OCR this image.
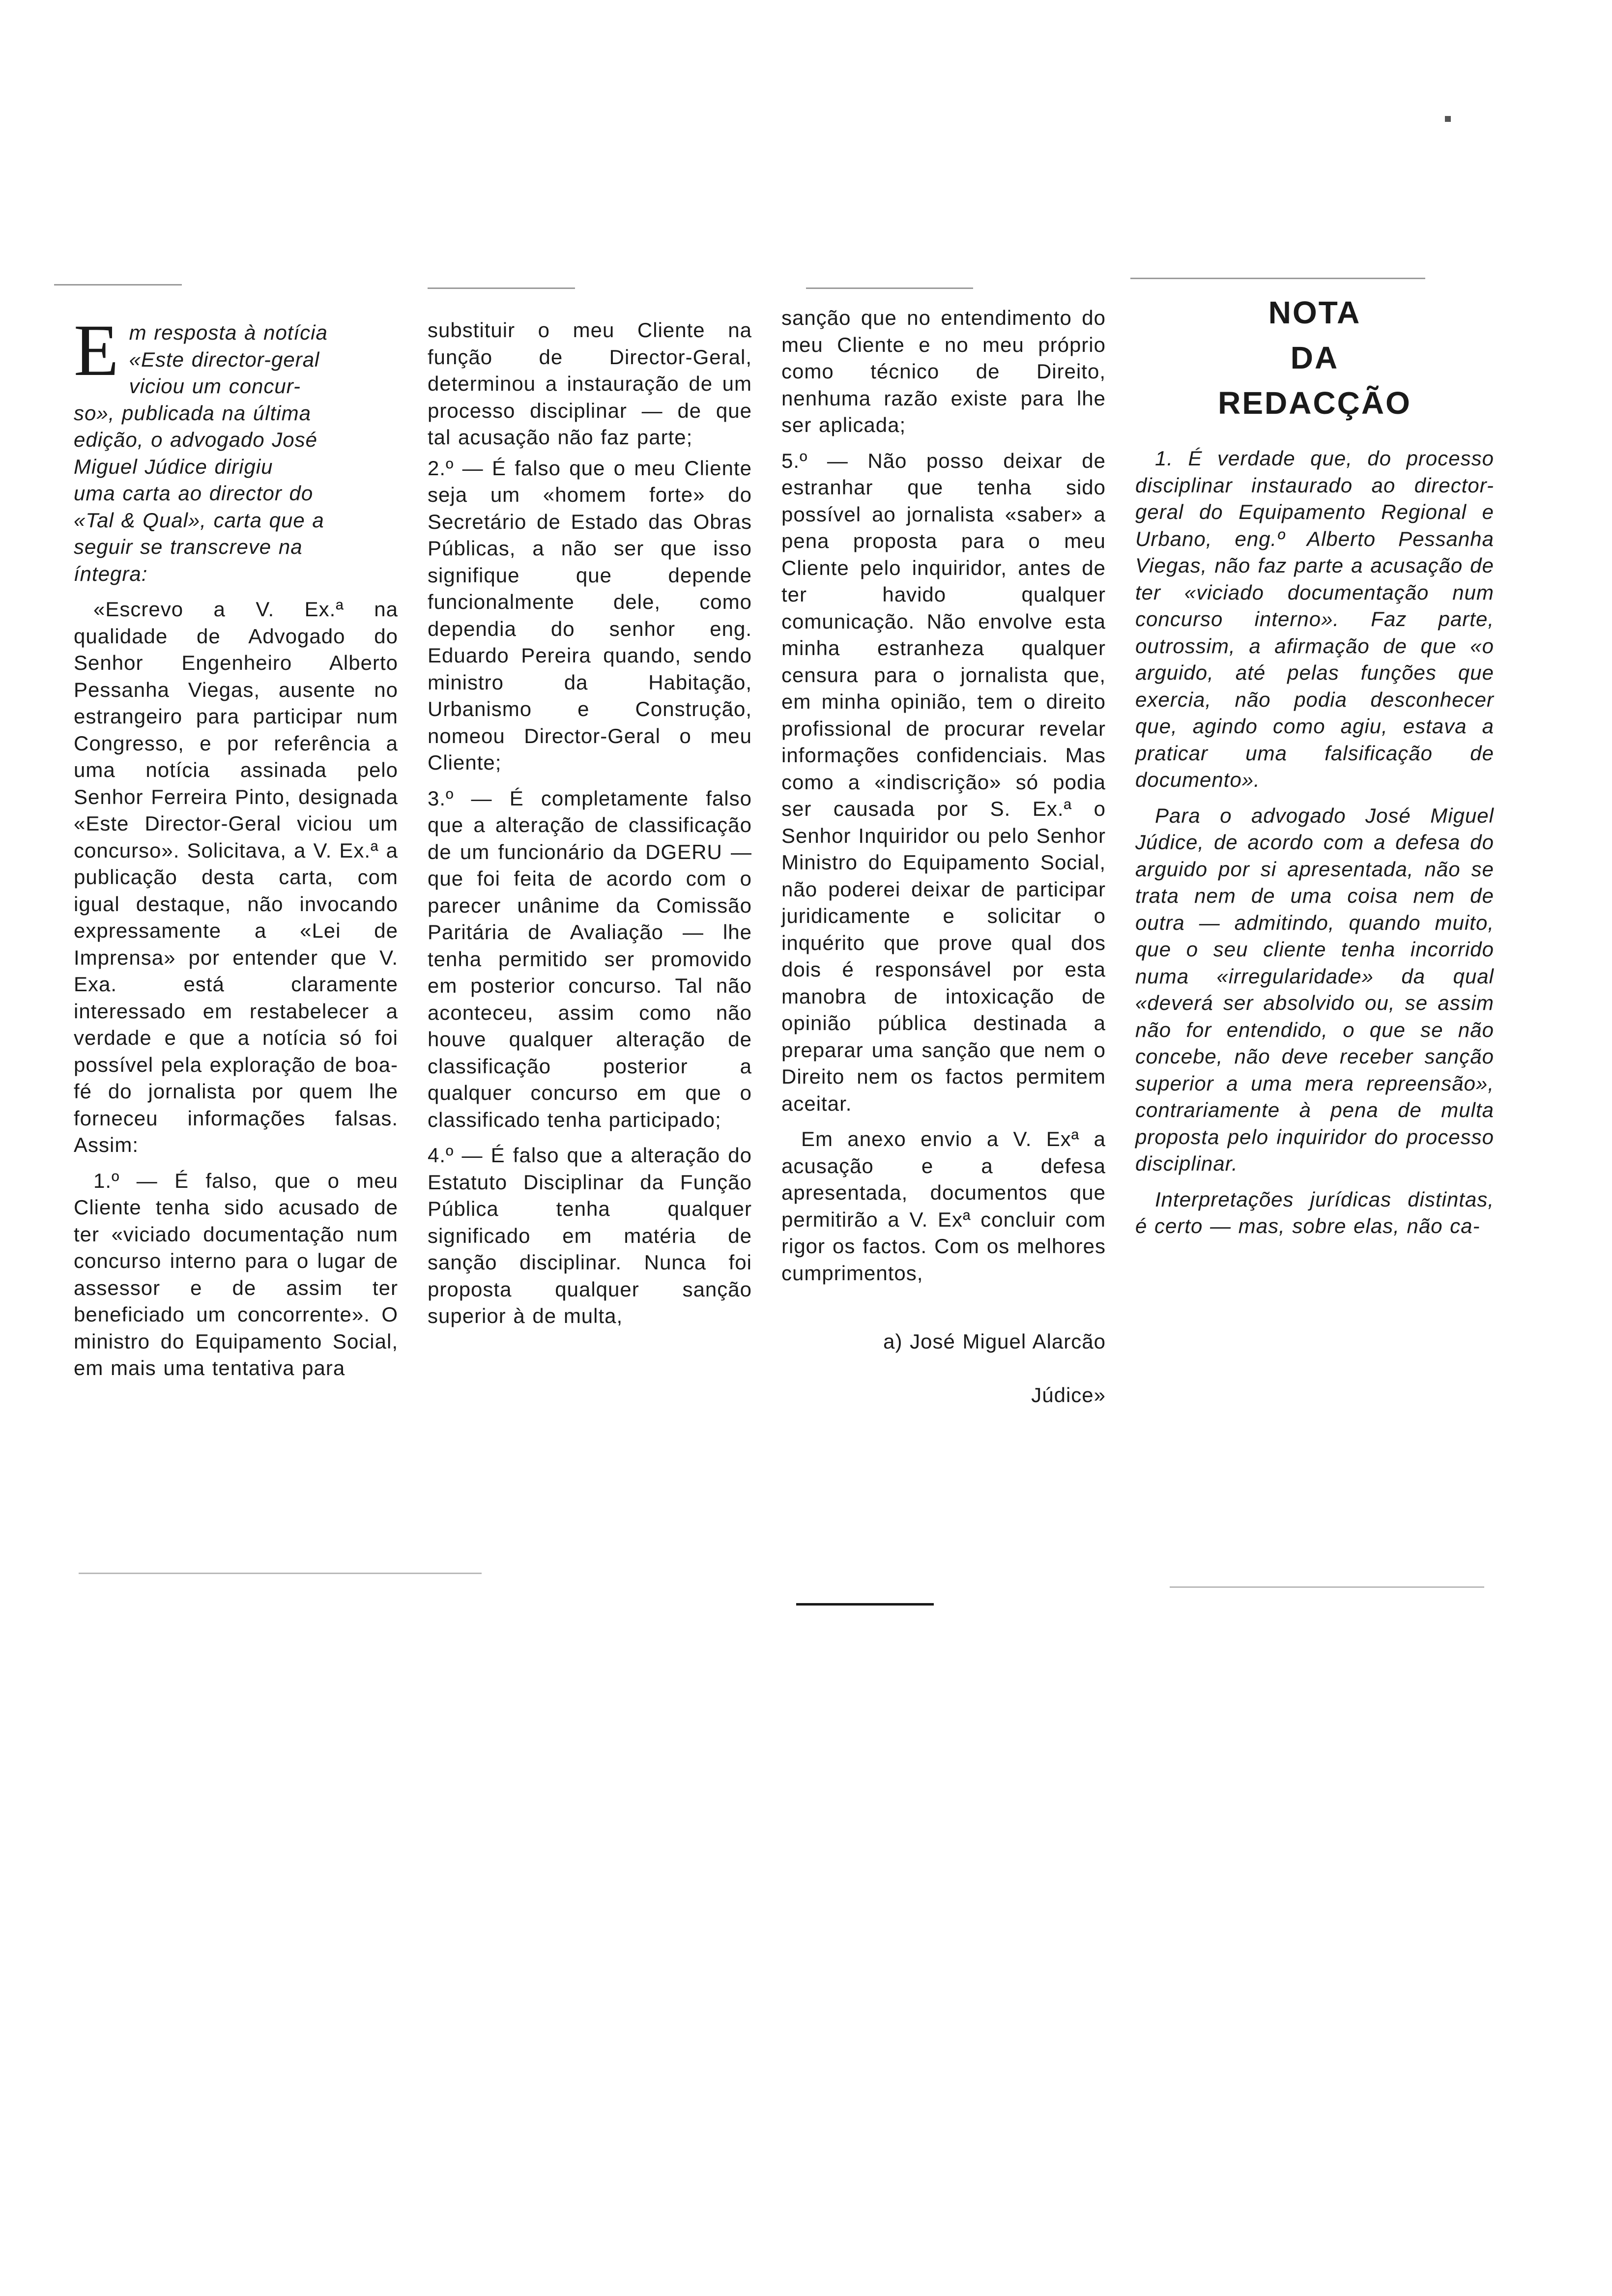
Em resposta à notícia
«Este director-geral
viciou um concur-
so», publicada na última
edição, o advogado José
Miguel Júdice dirigiu
uma carta ao director do
«Tal & Qual», carta que a
seguir se transcreve na
íntegra:

«Escrevo a V. Ex.ª na qualidade de Advogado do Senhor Engenheiro Alberto Pessanha Viegas, ausente no estrangeiro para participar num Congresso, e por referência a uma notícia assinada pelo Senhor Ferreira Pinto, designada «Este Director-Geral viciou um concurso». Solicitava, a V. Ex.ª a publicação desta carta, com igual destaque, não invocando expressamente a «Lei de Imprensa» por entender que V. Exa. está claramente interessado em restabelecer a verdade e que a notícia só foi possível pela exploração de boa-fé do jornalista por quem lhe forneceu informações falsas. Assim:

1.º — É falso, que o meu Cliente tenha sido acusado de ter «viciado documentação num concurso interno para o lugar de assessor e de assim ter beneficiado um concorrente». O ministro do Equipamento Social, em mais uma tentativa para

substituir o meu Cliente na função de Director-Geral, determinou a instauração de um processo disciplinar — de que tal acusação não faz parte;

2.º — É falso que o meu Cliente seja um «homem forte» do Secretário de Estado das Obras Públicas, a não ser que isso signifique que depende funcionalmente dele, como dependia do senhor eng. Eduardo Pereira quando, sendo ministro da Habitação, Urbanismo e Construção, nomeou Director-Geral o meu Cliente;

3.º — É completamente falso que a alteração de classificação de um funcionário da DGERU — que foi feita de acordo com o parecer unânime da Comissão Paritária de Avaliação — lhe tenha permitido ser promovido em posterior concurso. Tal não aconteceu, assim como não houve qualquer alteração de classificação posterior a qualquer concurso em que o classificado tenha participado;

4.º — É falso que a alteração do Estatuto Disciplinar da Função Pública tenha qualquer significado em matéria de sanção disciplinar. Nunca foi proposta qualquer sanção superior à de multa,

sanção que no entendimento do meu Cliente e no meu próprio como técnico de Direito, nenhuma razão existe para lhe ser aplicada;

5.º — Não posso deixar de estranhar que tenha sido possível ao jornalista «saber» a pena proposta para o meu Cliente pelo inquiridor, antes de ter havido qualquer comunicação. Não envolve esta minha estranheza qualquer censura para o jornalista que, em minha opinião, tem o direito profissional de procurar revelar informações confidenciais. Mas como a «indiscrição» só podia ser causada por S. Ex.ª o Senhor Inquiridor ou pelo Senhor Ministro do Equipamento Social, não poderei deixar de participar juridicamente e solicitar o inquérito que prove qual dos dois é responsável por esta manobra de intoxicação de opinião pública destinada a preparar uma sanção que nem o Direito nem os factos permitem aceitar.

Em anexo envio a V. Exª a acusação e a defesa apresentada, documentos que permitirão a V. Exª concluir com rigor os factos. Com os melhores cumprimentos,

a) José Miguel Alarcão

Júdice»

NOTA
DA
REDACÇÃO

1. É verdade que, do processo disciplinar instaurado ao director-geral do Equipamento Regional e Urbano, eng.º Alberto Pessanha Viegas, não faz parte a acusação de ter «viciado documentação num concurso interno». Faz parte, outrossim, a afirmação de que «o arguido, até pelas funções que exercia, não podia desconhecer que, agindo como agiu, estava a praticar uma falsificação de documento».

Para o advogado José Miguel Júdice, de acordo com a defesa do arguido por si apresentada, não se trata nem de uma coisa nem de outra — admitindo, quando muito, que o seu cliente tenha incorrido numa «irregularidade» da qual «deverá ser absolvido ou, se assim não for entendido, o que se não concebe, não deve receber sanção superior a uma mera repreensão», contrariamente à pena de multa proposta pelo inquiridor do processo disciplinar.

Interpretações jurídicas distintas, é certo — mas, sobre elas, não ca-
